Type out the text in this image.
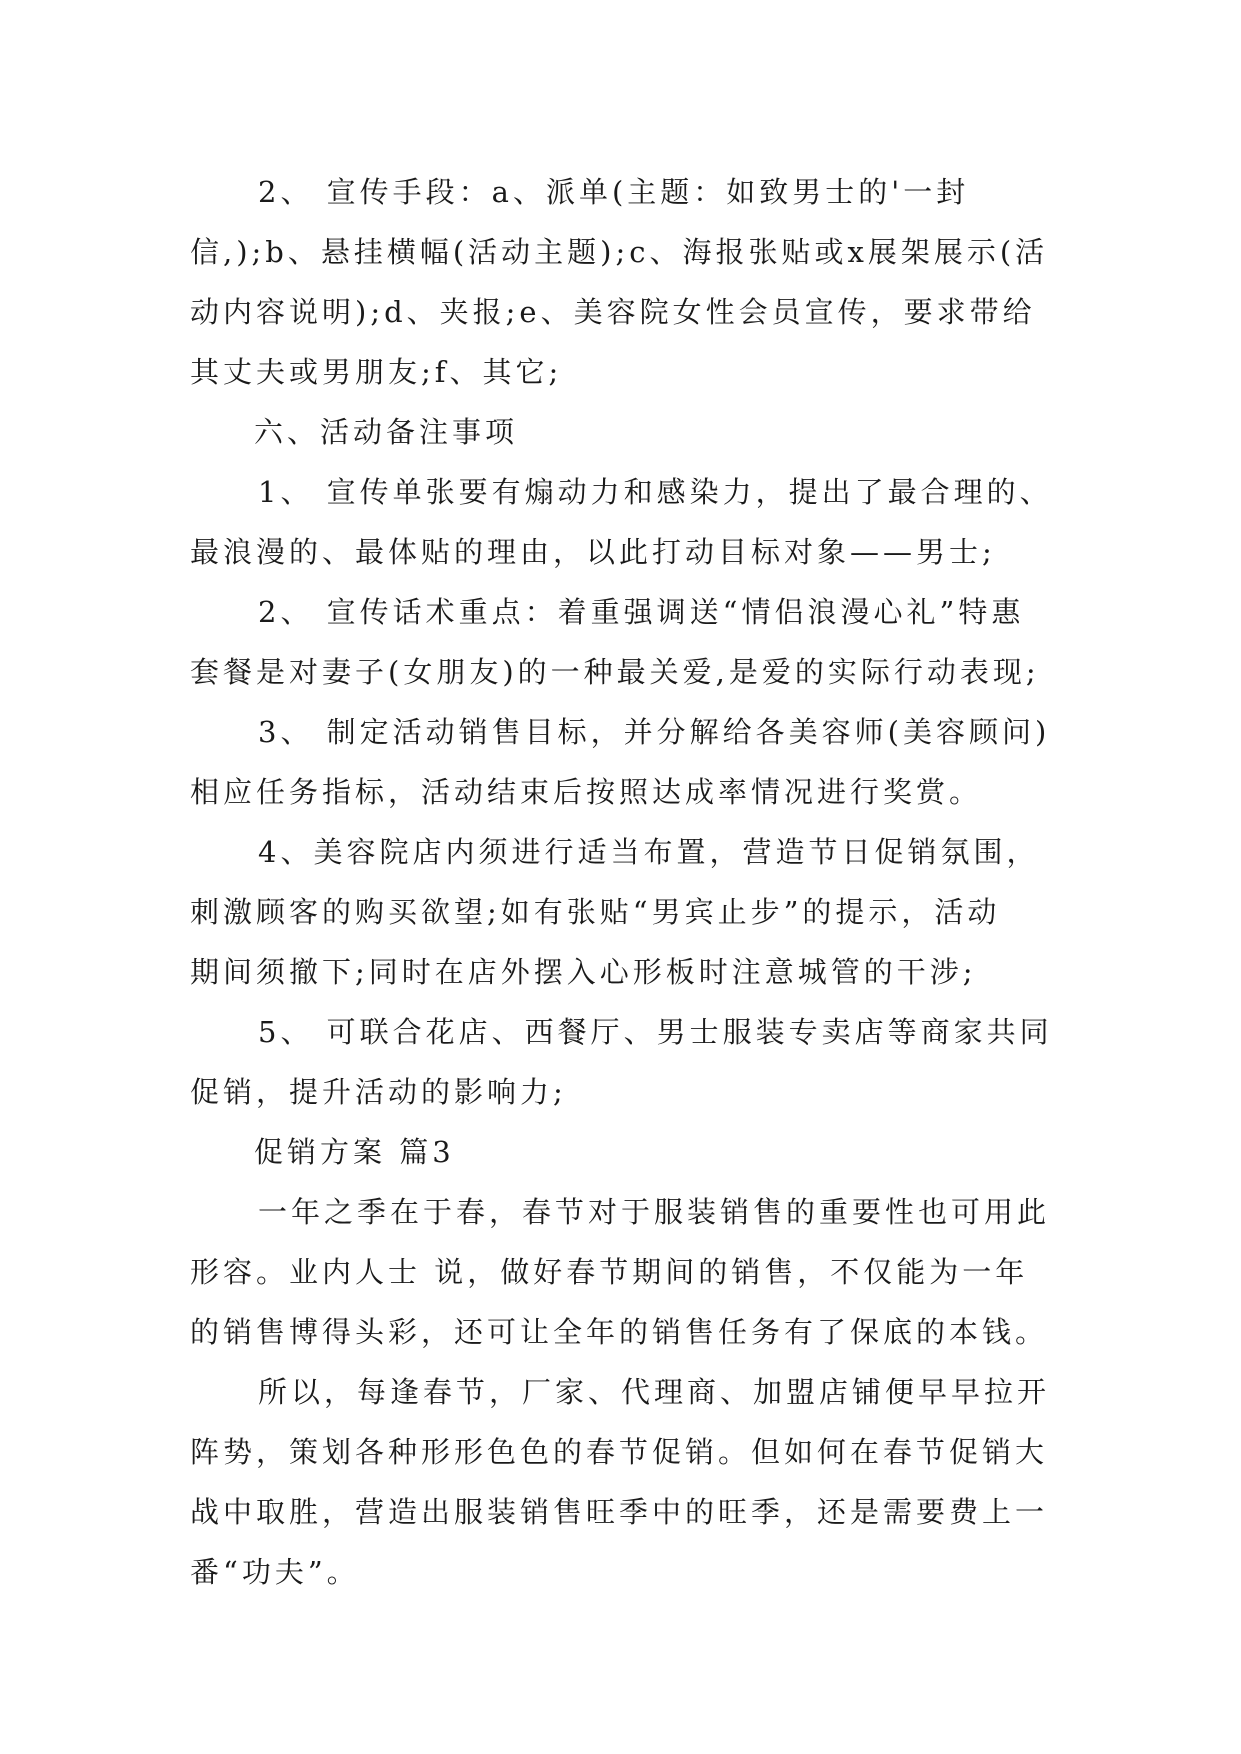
2、 宣传手段：a、派单(主题：如致男士的'一封
信,);b、悬挂横幅(活动主题);c、海报张贴或x展架展示(活
动内容说明);d、夹报;e、美容院女性会员宣传，要求带给
其丈夫或男朋友;f、其它;

六、活动备注事项

1、 宣传单张要有煽动力和感染力，提出了最合理的、
最浪漫的、最体贴的理由，以此打动目标对象——男士;

2、 宣传话术重点：着重强调送“情侣浪漫心礼”特惠
套餐是对妻子(女朋友)的一种最关爱,是爱的实际行动表现;

3、 制定活动销售目标，并分解给各美容师(美容顾问)
相应任务指标，活动结束后按照达成率情况进行奖赏。

4、美容院店内须进行适当布置，营造节日促销氛围，
刺激顾客的购买欲望;如有张贴“男宾止步”的提示，活动
期间须撤下;同时在店外摆入心形板时注意城管的干涉;

5、 可联合花店、西餐厅、男士服装专卖店等商家共同
促销，提升活动的影响力;

促销方案 篇3

一年之季在于春，春节对于服装销售的重要性也可用此
形容。业内人士 说，做好春节期间的销售，不仅能为一年
的销售博得头彩，还可让全年的销售任务有了保底的本钱。

所以，每逢春节，厂家、代理商、加盟店铺便早早拉开
阵势，策划各种形形色色的春节促销。但如何在春节促销大
战中取胜，营造出服装销售旺季中的旺季，还是需要费上一
番“功夫”。
